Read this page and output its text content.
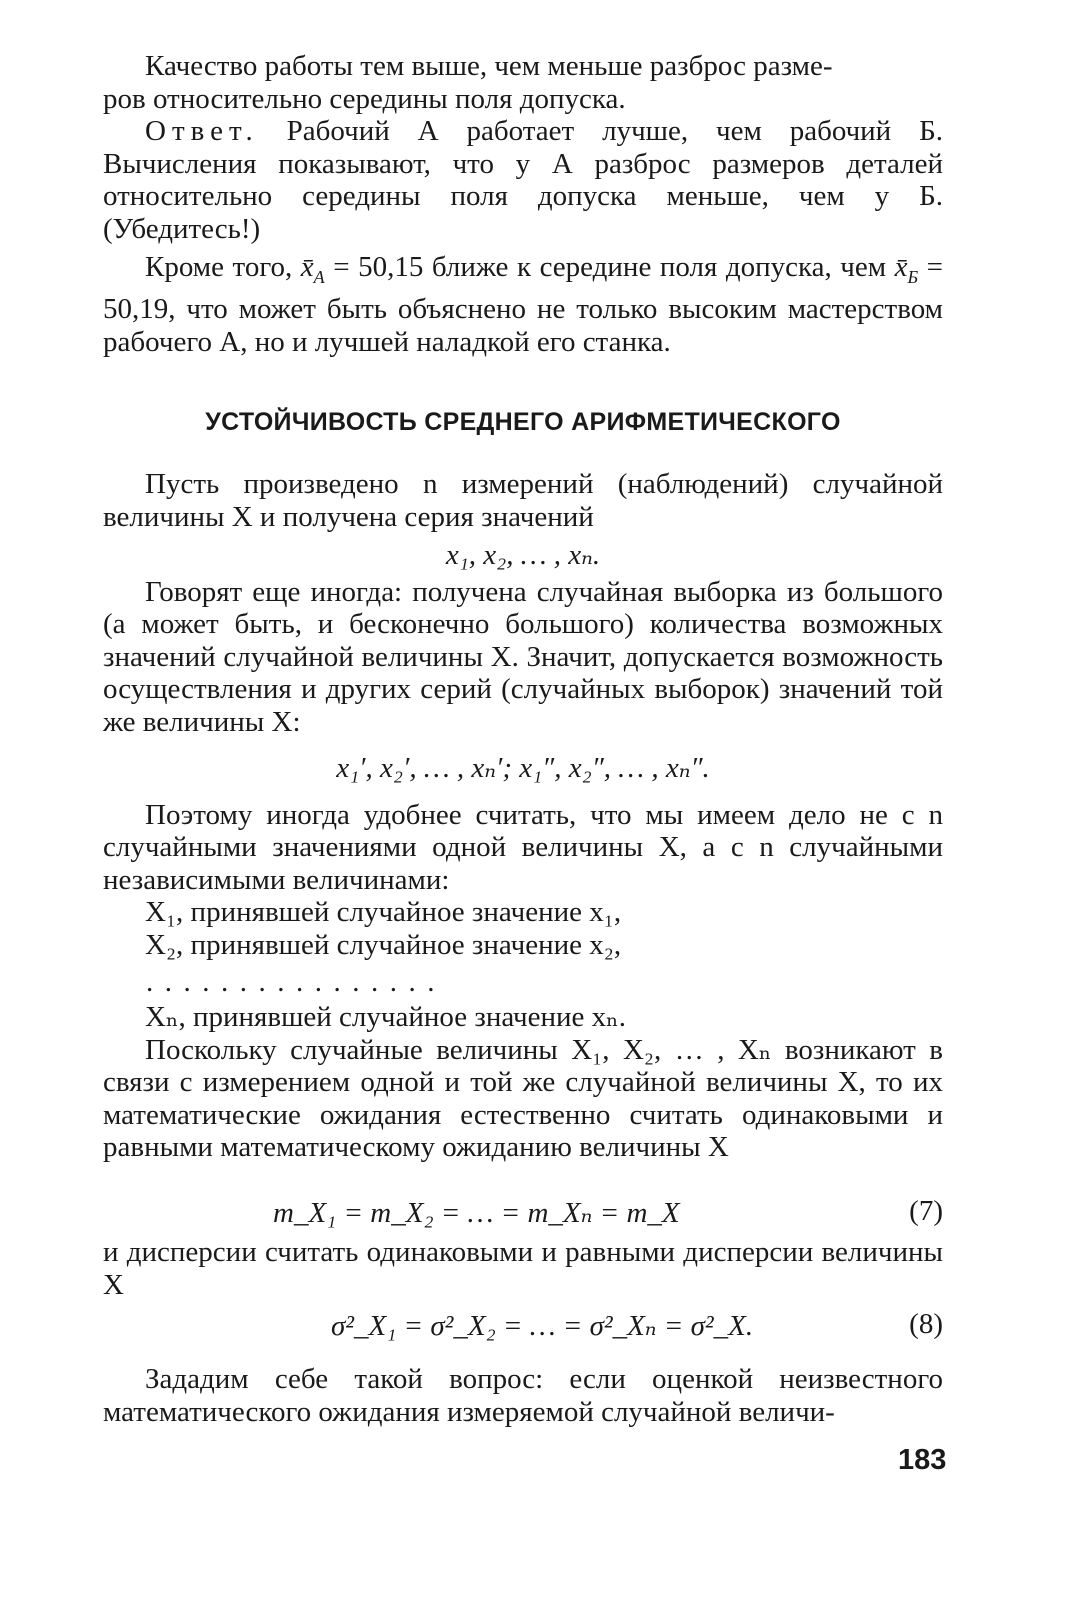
Качество работы тем выше, чем меньше разброс разме-
ров относительно середины поля допуска.

Ответ. Рабочий А работает лучше, чем рабочий Б. Вычисления показывают, что у А разброс размеров деталей относительно середины поля допуска меньше, чем у Б. (Убедитесь!)

Кроме того, $x̄_A = 50,15$ ближе к середине поля допуска, чем $x̄_Б = 50,19$, что может быть объяснено не только высоким мастерством рабочего А, но и лучшей наладкой его станка.

УСТОЙЧИВОСТЬ СРЕДНЕГО АРИФМЕТИЧЕСКОГО

Пусть произведено n измерений (наблюдений) случайной величины X и получена серия значений

x₁, x₂, … , xₙ.

Говорят еще иногда: получена случайная выборка из большого (а может быть, и бесконечно большого) количества возможных значений случайной величины X. Значит, допускается возможность осуществления и других серий (случайных выборок) значений той же величины X:

x₁′, x₂′, … , xₙ′; x₁″, x₂″, … , xₙ″.

Поэтому иногда удобнее считать, что мы имеем дело не с n случайными значениями одной величины X, а с n случайными независимыми величинами:

X₁, принявшей случайное значение x₁,

X₂, принявшей случайное значение x₂,

................

Xₙ, принявшей случайное значение xₙ.

Поскольку случайные величины X₁, X₂, … , Xₙ возникают в связи с измерением одной и той же случайной величины X, то их математические ожидания естественно считать одинаковыми и равными математическому ожиданию величины X

m_X₁ = m_X₂ = … = m_Xₙ = m_X	(7)

и дисперсии считать одинаковыми и равными дисперсии величины X

σ²_X₁ = σ²_X₂ = … = σ²_Xₙ = σ²_X.	(8)

Зададим себе такой вопрос: если оценкой неизвестного математического ожидания измеряемой случайной величи-

183
